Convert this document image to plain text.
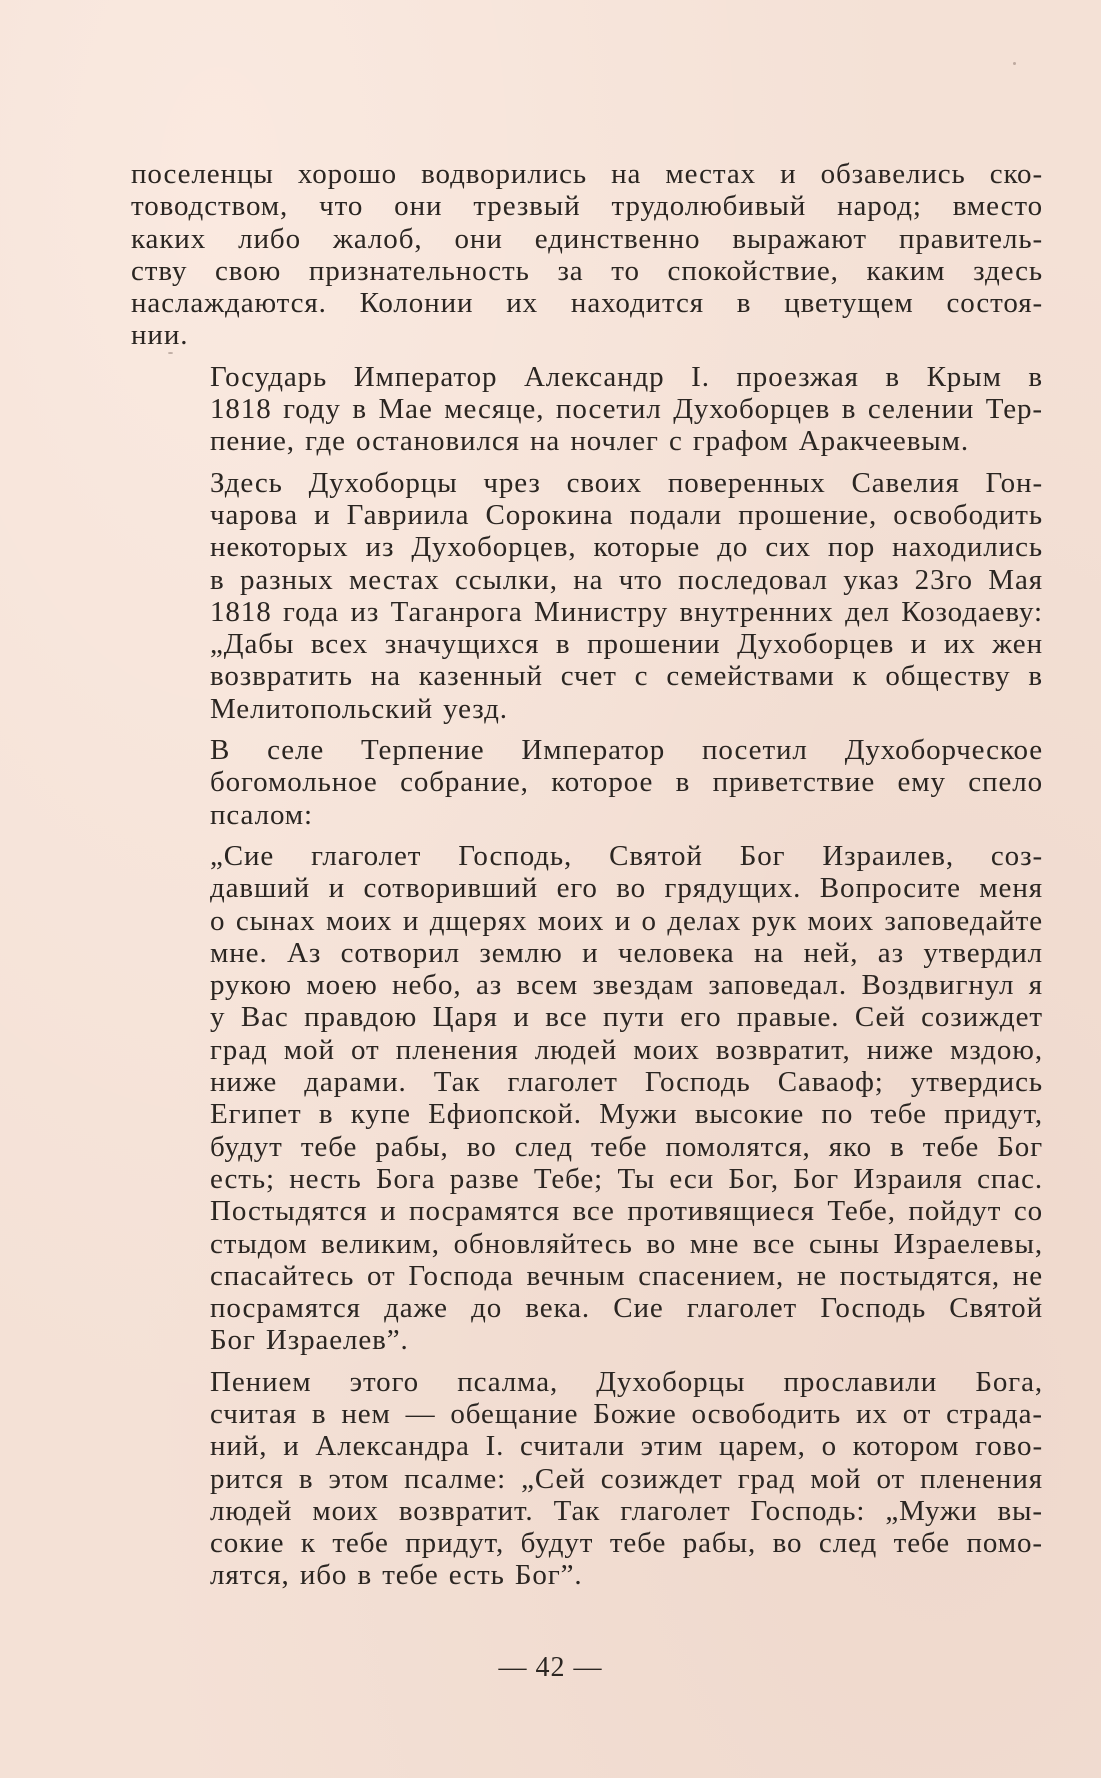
поселенцы хорошо водворились на местах и обзавелись ско-
товодством, что они трезвый трудолюбивый народ; вместо
каких либо жалоб, они единственно выражают правитель-
ству свою признательность за то спокойствие, каким здесь
наслаждаются. Колонии их находится в цветущем состоя-
нии.
Государь Император Александр I. проезжая в Крым в
1818 году в Мае месяце, посетил Духоборцев в селении Тер-
пение, где остановился на ночлег с графом Аракчеевым.
Здесь Духоборцы чрез своих поверенных Савелия Гон-
чарова и Гавриила Сорокина подали прошение, освободить
некоторых из Духоборцев, которые до сих пор находились
в разных местах ссылки, на что последовал указ 23го Мая
1818 года из Таганрога Министру внутренних дел Козодаеву:
„Дабы всех значущихся в прошении Духоборцев и их жен
возвратить на казенный счет с семействами к обществу в
Мелитопольский уезд.
В селе Терпение Император посетил Духоборческое
богомольное собрание, которое в приветствие ему спело
псалом:
„Сие глаголет Господь, Святой Бог Израилев, соз-
давший и сотворивший его во грядущих. Вопросите меня
о сынах моих и дщерях моих и о делах рук моих заповедайте
мне. Аз сотворил землю и человека на ней, аз утвердил
рукою моею небо, аз всем звездам заповедал. Воздвигнул я
у Вас правдою Царя и все пути его правые. Сей созиждет
град мой от пленения людей моих возвратит, ниже мздою,
ниже дарами. Так глаголет Господь Саваоф; утвердись
Египет в купе Ефиопской. Мужи высокие по тебе придут,
будут тебе рабы, во след тебе помолятся, яко в тебе Бог
есть; несть Бога разве Тебе; Ты еси Бог, Бог Израиля спас.
Постыдятся и посрамятся все противящиеся Тебе, пойдут со
стыдом великим, обновляйтесь во мне все сыны Израелевы,
спасайтесь от Господа вечным спасением, не постыдятся, не
посрамятся даже до века. Сие глаголет Господь Святой
Бог Израелев”.
Пением этого псалма, Духоборцы прославили Бога,
считая в нем — обещание Божие освободить их от страда-
ний, и Александра I. считали этим царем, о котором гово-
рится в этом псалме: „Сей созиждет град мой от пленения
людей моих возвратит. Так глаголет Господь: „Мужи вы-
сокие к тебе придут, будут тебе рабы, во след тебе помо-
лятся, ибо в тебе есть Бог”.
— 42 —
